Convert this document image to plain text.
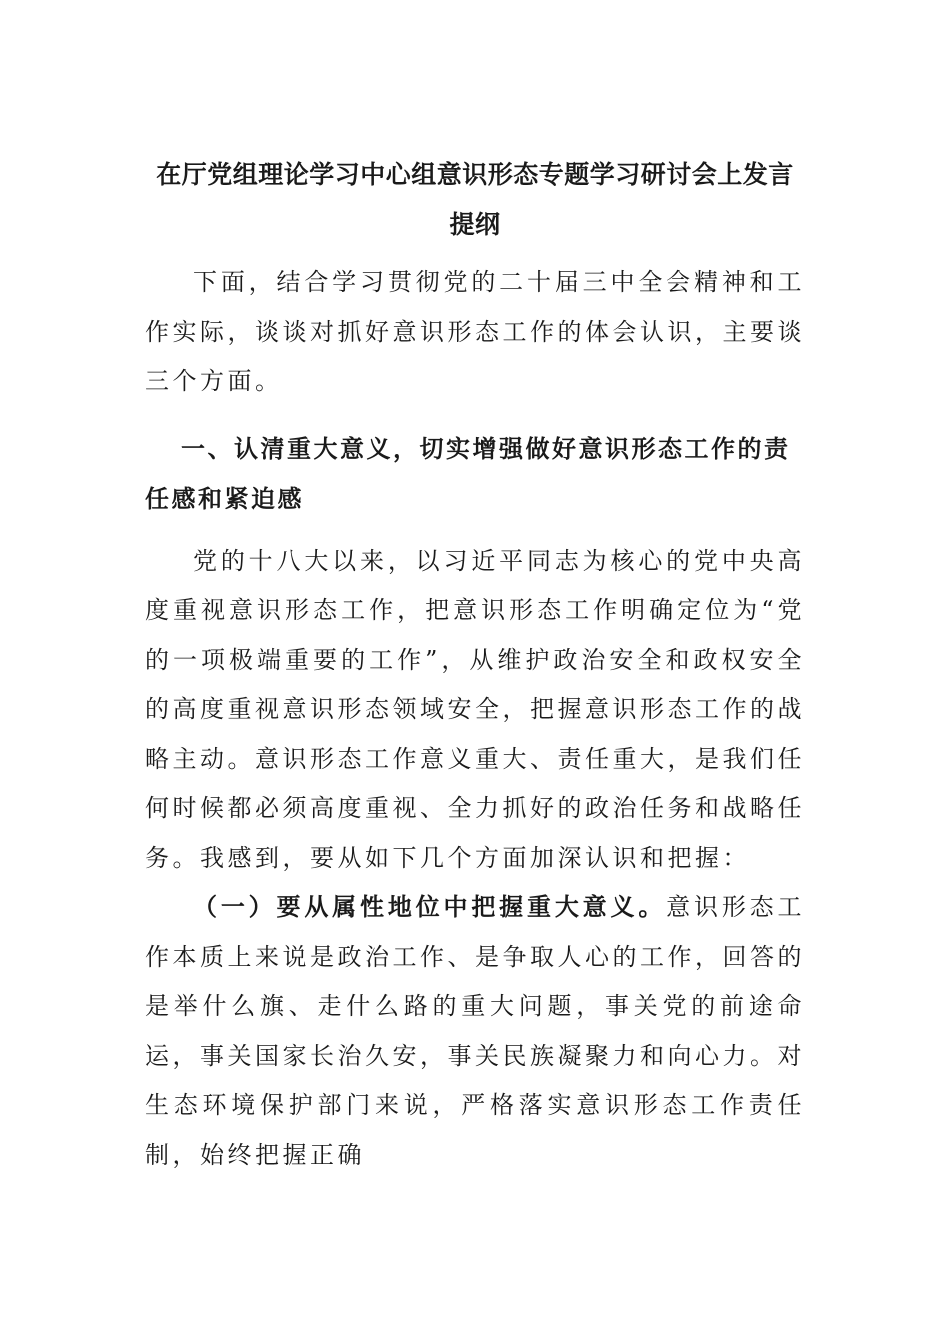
在厅党组理论学习中心组意识形态专题学习研讨会上发言提纲

下面，结合学习贯彻党的二十届三中全会精神和工作实际，谈谈对抓好意识形态工作的体会认识，主要谈三个方面。

一、认清重大意义，切实增强做好意识形态工作的责任感和紧迫感

党的十八大以来，以习近平同志为核心的党中央高度重视意识形态工作，把意识形态工作明确定位为“党的一项极端重要的工作”，从维护政治安全和政权安全的高度重视意识形态领域安全，把握意识形态工作的战略主动。意识形态工作意义重大、责任重大，是我们任何时候都必须高度重视、全力抓好的政治任务和战略任务。我感到，要从如下几个方面加深认识和把握：

（一）要从属性地位中把握重大意义。意识形态工作本质上来说是政治工作、是争取人心的工作，回答的是举什么旗、走什么路的重大问题，事关党的前途命运，事关国家长治久安，事关民族凝聚力和向心力。对生态环境保护部门来说，严格落实意识形态工作责任制，始终把握正确
